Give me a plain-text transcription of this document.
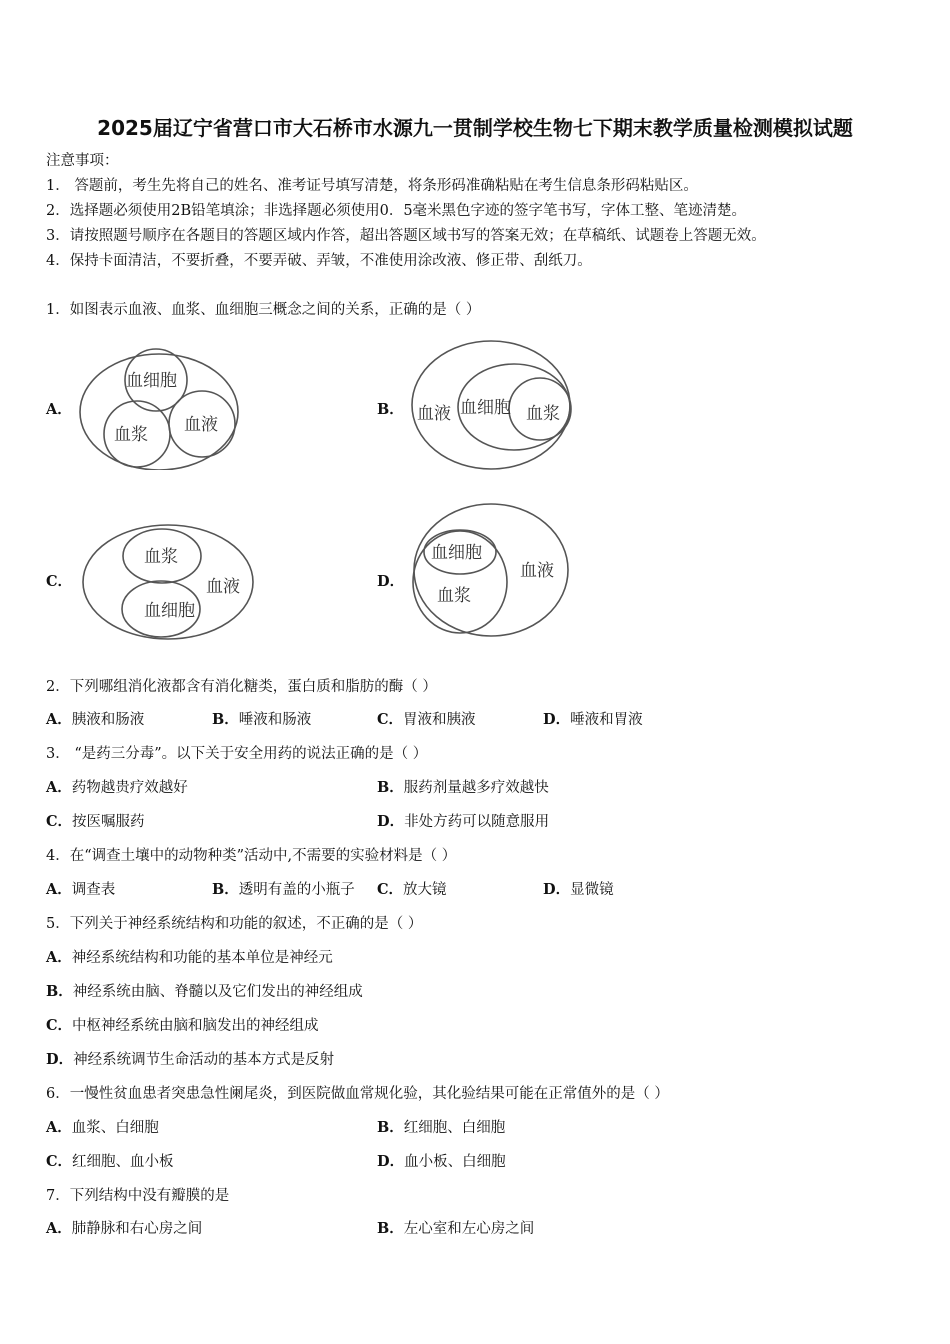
2025届辽宁省营口市大石桥市水源九一贯制学校生物七下期末教学质量检测模拟试题
注意事项：
1． 答题前，考生先将自己的姓名、准考证号填写清楚，将条形码准确粘贴在考生信息条形码粘贴区。
2．选择题必须使用2B铅笔填涂；非选择题必须使用0．5毫米黑色字迹的签字笔书写，字体工整、笔迹清楚。
3．请按照题号顺序在各题目的答题区域内作答，超出答题区域书写的答案无效；在草稿纸、试题卷上答题无效。
4．保持卡面清洁，不要折叠，不要弄破、弄皱，不准使用涂改液、修正带、刮纸刀。
1．如图表示血液、血浆、血细胞三概念之间的关系，正确的是（ ）
A．
血细胞
血浆 血液
B． 血液 血细胞 血浆
C．
血浆
血液
血细胞
D．
血细胞
血液
血浆
2．下列哪组消化液都含有消化糖类，蛋白质和脂肪的酶（ ）
A．胰液和肠液	B．唾液和肠液	C．胃液和胰液	D．唾液和胃液
3． “是药三分毒”。以下关于安全用药的说法正确的是（ ）
A．药物越贵疗效越好	B．服药剂量越多疗效越快
C．按医嘱服药	D．非处方药可以随意服用
4．在“调查土壤中的动物种类”活动中,不需要的实验材料是（ ）
A．调查表	B．透明有盖的小瓶子 C．放大镜	D．显微镜
5．下列关于神经系统结构和功能的叙述，不正确的是（ ）
A．神经系统结构和功能的基本单位是神经元
B．神经系统由脑、脊髓以及它们发出的神经组成
C．中枢神经系统由脑和脑发出的神经组成
D．神经系统调节生命活动的基本方式是反射
6．一慢性贫血患者突患急性阑尾炎，到医院做血常规化验，其化验结果可能在正常值外的是（ ）
A．血浆、白细胞	B．红细胞、白细胞
C．红细胞、血小板	D．血小板、白细胞
7．下列结构中没有瓣膜的是
A．肺静脉和右心房之间	B．左心室和左心房之间
